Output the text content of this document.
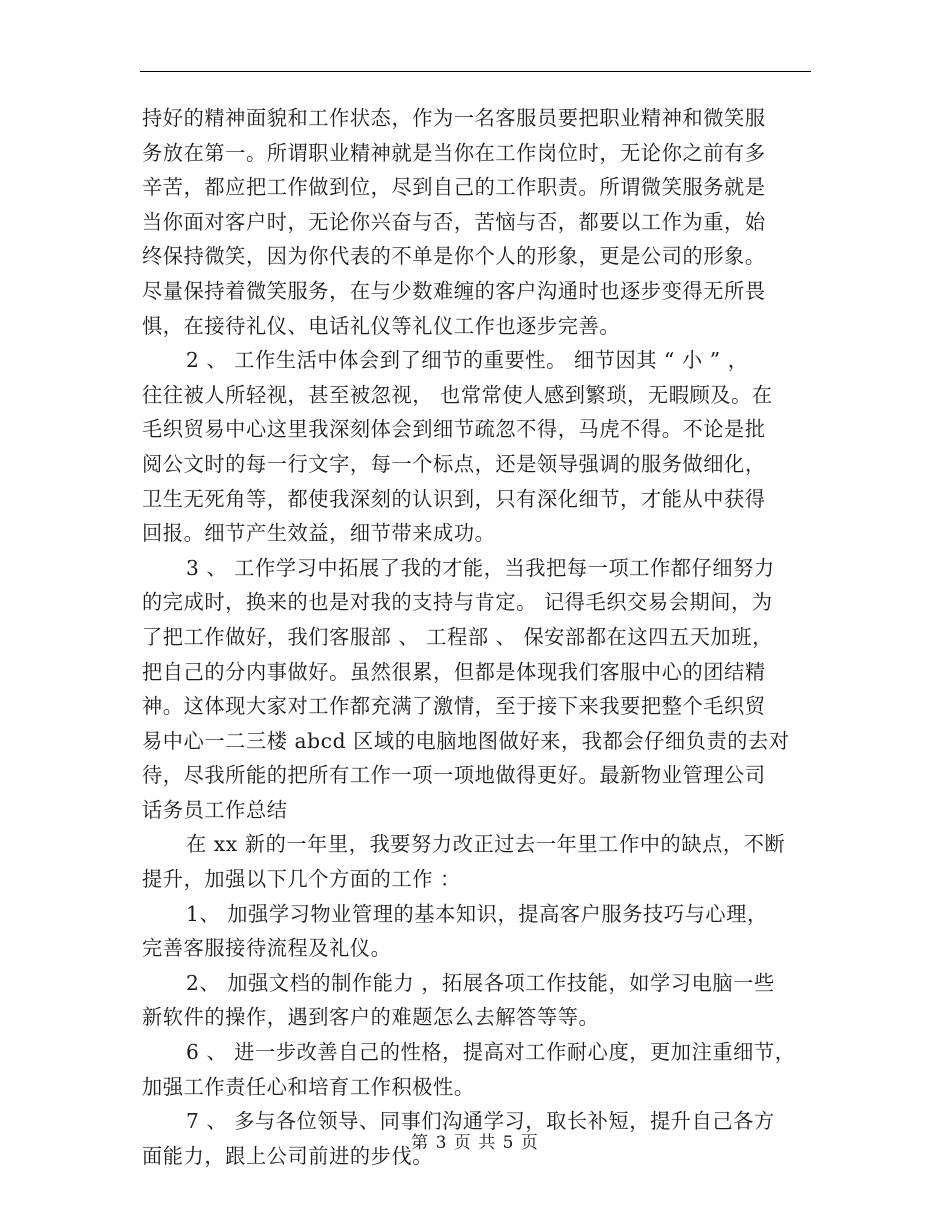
持好的精神面貌和工作状态，作为一名客服员要把职业精神和微笑服
务放在第一。所谓职业精神就是当你在工作岗位时，无论你之前有多
辛苦，都应把工作做到位，尽到自己的工作职责。所谓微笑服务就是
当你面对客户时，无论你兴奋与否，苦恼与否，都要以工作为重，始
终保持微笑，因为你代表的不单是你个人的形象，更是公司的形象。
尽量保持着微笑服务，在与少数难缠的客户沟通时也逐步变得无所畏
惧，在接待礼仪、电话礼仪等礼仪工作也逐步完善。
2 、 工作生活中体会到了细节的重要性。 细节因其 “ 小 ” ，
往往被人所轻视，甚至被忽视， 也常常使人感到繁琐，无暇顾及。在
毛织贸易中心这里我深刻体会到细节疏忽不得，马虎不得。不论是批
阅公文时的每一行文字，每一个标点，还是领导强调的服务做细化，
卫生无死角等，都使我深刻的认识到，只有深化细节，才能从中获得
回报。细节产生效益，细节带来成功。
3 、 工作学习中拓展了我的才能，当我把每一项工作都仔细努力
的完成时，换来的也是对我的支持与肯定。 记得毛织交易会期间，为
了把工作做好，我们客服部 、 工程部 、 保安部都在这四五天加班，
把自己的分内事做好。虽然很累，但都是体现我们客服中心的团结精
神。这体现大家对工作都充满了激情，至于接下来我要把整个毛织贸
易中心一二三楼 abcd 区域的电脑地图做好来，我都会仔细负责的去对
待，尽我所能的把所有工作一项一项地做得更好。最新物业管理公司
话务员工作总结
在 xx 新的一年里，我要努力改正过去一年里工作中的缺点，不断
提升，加强以下几个方面的工作 ：
1、 加强学习物业管理的基本知识，提高客户服务技巧与心理，
完善客服接待流程及礼仪。
2、 加强文档的制作能力 ，拓展各项工作技能，如学习电脑一些
新软件的操作，遇到客户的难题怎么去解答等等。
6 、 进一步改善自己的性格，提高对工作耐心度，更加注重细节，
加强工作责任心和培育工作积极性。
7 、 多与各位领导、同事们沟通学习，取长补短，提升自己各方
面能力，跟上公司前进的步伐。
第 3 页 共 5 页
